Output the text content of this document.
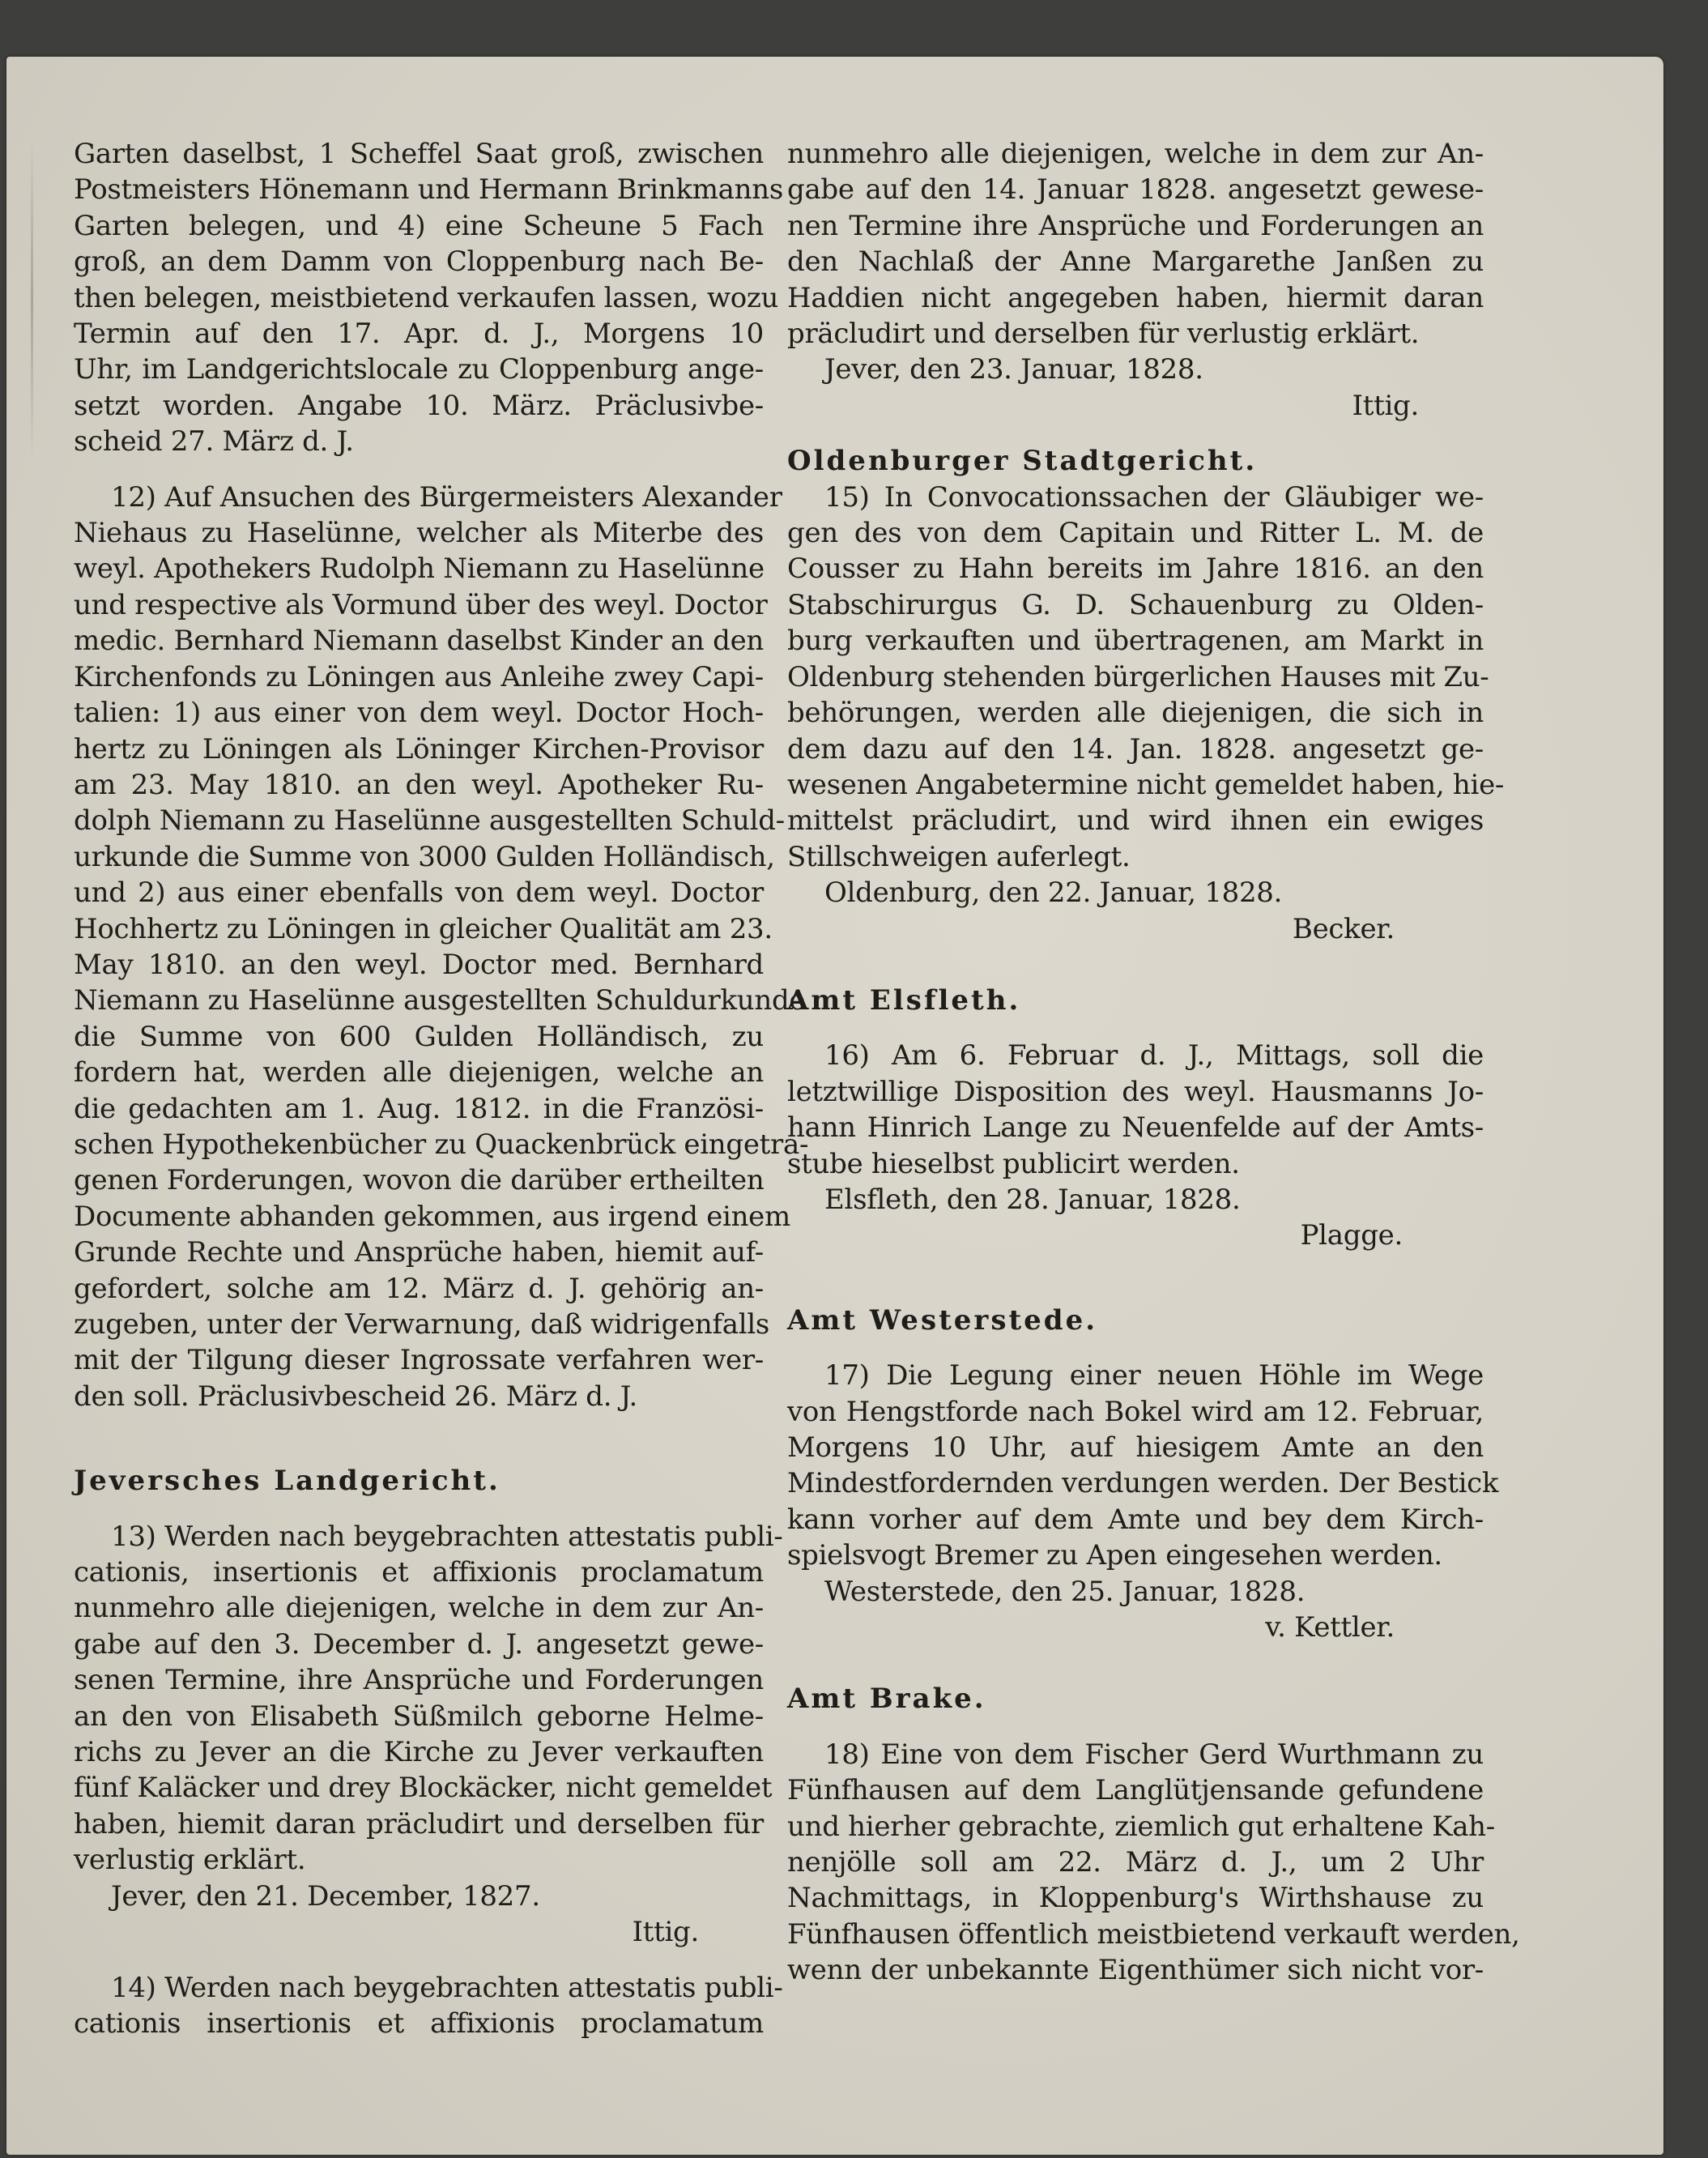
Garten daselbst, 1 Scheffel Saat groß, zwischen
Postmeisters Hönemann und Hermann Brinkmanns
Garten belegen, und 4) eine Scheune 5 Fach
groß, an dem Damm von Cloppenburg nach Be-
then belegen, meistbietend verkaufen lassen, wozu
Termin auf den 17. Apr. d. J., Morgens 10
Uhr, im Landgerichtslocale zu Cloppenburg ange-
setzt worden. Angabe 10. März. Präclusivbe-
scheid 27. März d. J.
12) Auf Ansuchen des Bürgermeisters Alexander
Niehaus zu Haselünne, welcher als Miterbe des
weyl. Apothekers Rudolph Niemann zu Haselünne
und respective als Vormund über des weyl. Doctor
medic. Bernhard Niemann daselbst Kinder an den
Kirchenfonds zu Löningen aus Anleihe zwey Capi-
talien: 1) aus einer von dem weyl. Doctor Hoch-
hertz zu Löningen als Löninger Kirchen-Provisor
am 23. May 1810. an den weyl. Apotheker Ru-
dolph Niemann zu Haselünne ausgestellten Schuld-
urkunde die Summe von 3000 Gulden Holländisch,
und 2) aus einer ebenfalls von dem weyl. Doctor
Hochhertz zu Löningen in gleicher Qualität am 23.
May 1810. an den weyl. Doctor med. Bernhard
Niemann zu Haselünne ausgestellten Schuldurkunde
die Summe von 600 Gulden Holländisch, zu
fordern hat, werden alle diejenigen, welche an
die gedachten am 1. Aug. 1812. in die Französi-
schen Hypothekenbücher zu Quackenbrück eingetra-
genen Forderungen, wovon die darüber ertheilten
Documente abhanden gekommen, aus irgend einem
Grunde Rechte und Ansprüche haben, hiemit auf-
gefordert, solche am 12. März d. J. gehörig an-
zugeben, unter der Verwarnung, daß widrigenfalls
mit der Tilgung dieser Ingrossate verfahren wer-
den soll. Präclusivbescheid 26. März d. J.
Jeversches Landgericht.
13) Werden nach beygebrachten attestatis publi-
cationis, insertionis et affixionis proclamatum
nunmehro alle diejenigen, welche in dem zur An-
gabe auf den 3. December d. J. angesetzt gewe-
senen Termine, ihre Ansprüche und Forderungen
an den von Elisabeth Süßmilch geborne Helme-
richs zu Jever an die Kirche zu Jever verkauften
fünf Kaläcker und drey Blockäcker, nicht gemeldet
haben, hiemit daran präcludirt und derselben für
verlustig erklärt.
Jever, den 21. December, 1827.
Ittig.
14) Werden nach beygebrachten attestatis publi-
cationis insertionis et affixionis proclamatum
nunmehro alle diejenigen, welche in dem zur An-
gabe auf den 14. Januar 1828. angesetzt gewese-
nen Termine ihre Ansprüche und Forderungen an
den Nachlaß der Anne Margarethe Janßen zu
Haddien nicht angegeben haben, hiermit daran
präcludirt und derselben für verlustig erklärt.
Jever, den 23. Januar, 1828.
Ittig.
Oldenburger Stadtgericht.
15) In Convocationssachen der Gläubiger we-
gen des von dem Capitain und Ritter L. M. de
Cousser zu Hahn bereits im Jahre 1816. an den
Stabschirurgus G. D. Schauenburg zu Olden-
burg verkauften und übertragenen, am Markt in
Oldenburg stehenden bürgerlichen Hauses mit Zu-
behörungen, werden alle diejenigen, die sich in
dem dazu auf den 14. Jan. 1828. angesetzt ge-
wesenen Angabetermine nicht gemeldet haben, hie-
mittelst präcludirt, und wird ihnen ein ewiges
Stillschweigen auferlegt.
Oldenburg, den 22. Januar, 1828.
Becker.
Amt Elsfleth.
16) Am 6. Februar d. J., Mittags, soll die
letztwillige Disposition des weyl. Hausmanns Jo-
hann Hinrich Lange zu Neuenfelde auf der Amts-
stube hieselbst publicirt werden.
Elsfleth, den 28. Januar, 1828.
Plagge.
Amt Westerstede.
17) Die Legung einer neuen Höhle im Wege
von Hengstforde nach Bokel wird am 12. Februar,
Morgens 10 Uhr, auf hiesigem Amte an den
Mindestfordernden verdungen werden. Der Bestick
kann vorher auf dem Amte und bey dem Kirch-
spielsvogt Bremer zu Apen eingesehen werden.
Westerstede, den 25. Januar, 1828.
v. Kettler.
Amt Brake.
18) Eine von dem Fischer Gerd Wurthmann zu
Fünfhausen auf dem Langlütjensande gefundene
und hierher gebrachte, ziemlich gut erhaltene Kah-
nenjölle soll am 22. März d. J., um 2 Uhr
Nachmittags, in Kloppenburg's Wirthshause zu
Fünfhausen öffentlich meistbietend verkauft werden,
wenn der unbekannte Eigenthümer sich nicht vor-
